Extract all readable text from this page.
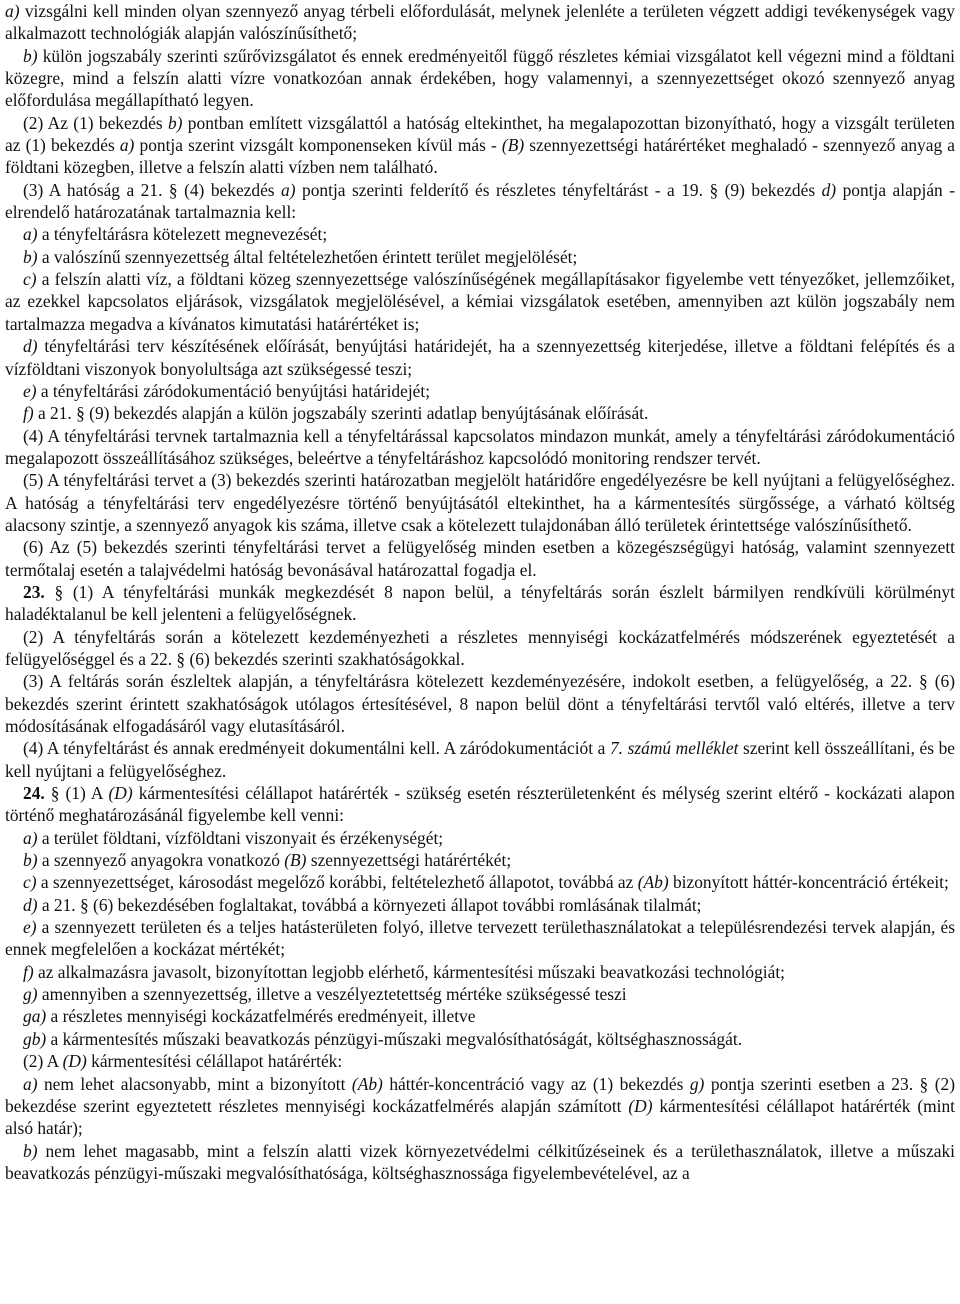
a) vizsgálni kell minden olyan szennyező anyag térbeli előfordulását, melynek jelenléte a területen végzett addigi tevékenységek vagy alkalmazott technológiák alapján valószínűsíthető;

b) külön jogszabály szerinti szűrővizsgálatot és ennek eredményeitől függő részletes kémiai vizsgálatot kell végezni mind a földtani közegre, mind a felszín alatti vízre vonatkozóan annak érdekében, hogy valamennyi, a szennyezettséget okozó szennyező anyag előfordulása megállapítható legyen.

(2) Az (1) bekezdés b) pontban említett vizsgálattól a hatóság eltekinthet, ha megalapozottan bizonyítható, hogy a vizsgált területen az (1) bekezdés a) pontja szerint vizsgált komponenseken kívül más - (B) szennyezettségi határértéket meghaladó - szennyező anyag a földtani közegben, illetve a felszín alatti vízben nem található.

(3) A hatóság a 21. § (4) bekezdés a) pontja szerinti felderítő és részletes tényfeltárást - a 19. § (9) bekezdés d) pontja alapján - elrendelő határozatának tartalmaznia kell:

a) a tényfeltárásra kötelezett megnevezését;

b) a valószínű szennyezettség által feltételezhetően érintett terület megjelölését;

c) a felszín alatti víz, a földtani közeg szennyezettsége valószínűségének megállapításakor figyelembe vett tényezőket, jellemzőiket, az ezekkel kapcsolatos eljárások, vizsgálatok megjelölésével, a kémiai vizsgálatok esetében, amennyiben azt külön jogszabály nem tartalmazza megadva a kívánatos kimutatási határértéket is;

d) tényfeltárási terv készítésének előírását, benyújtási határidejét, ha a szennyezettség kiterjedése, illetve a földtani felépítés és a vízföldtani viszonyok bonyolultsága azt szükségessé teszi;

e) a tényfeltárási záródokumentáció benyújtási határidejét;

f) a 21. § (9) bekezdés alapján a külön jogszabály szerinti adatlap benyújtásának előírását.

(4) A tényfeltárási tervnek tartalmaznia kell a tényfeltárással kapcsolatos mindazon munkát, amely a tényfeltárási záródokumentáció megalapozott összeállításához szükséges, beleértve a tényfeltáráshoz kapcsolódó monitoring rendszer tervét.

(5) A tényfeltárási tervet a (3) bekezdés szerinti határozatban megjelölt határidőre engedélyezésre be kell nyújtani a felügyelőséghez. A hatóság a tényfeltárási terv engedélyezésre történő benyújtásától eltekinthet, ha a kármentesítés sürgőssége, a várható költség alacsony szintje, a szennyező anyagok kis száma, illetve csak a kötelezett tulajdonában álló területek érintettsége valószínűsíthető.

(6) Az (5) bekezdés szerinti tényfeltárási tervet a felügyelőség minden esetben a közegészségügyi hatóság, valamint szennyezett termőtalaj esetén a talajvédelmi hatóság bevonásával határozattal fogadja el.

23. § (1) A tényfeltárási munkák megkezdését 8 napon belül, a tényfeltárás során észlelt bármilyen rendkívüli körülményt haladéktalanul be kell jelenteni a felügyelőségnek.

(2) A tényfeltárás során a kötelezett kezdeményezheti a részletes mennyiségi kockázatfelmérés módszerének egyeztetését a felügyelőséggel és a 22. § (6) bekezdés szerinti szakhatóságokkal.

(3) A feltárás során észleltek alapján, a tényfeltárásra kötelezett kezdeményezésére, indokolt esetben, a felügyelőség, a 22. § (6) bekezdés szerint érintett szakhatóságok utólagos értesítésével, 8 napon belül dönt a tényfeltárási tervtől való eltérés, illetve a terv módosításának elfogadásáról vagy elutasításáról.

(4) A tényfeltárást és annak eredményeit dokumentálni kell. A záródokumentációt a 7. számú melléklet szerint kell összeállítani, és be kell nyújtani a felügyelőséghez.

24. § (1) A (D) kármentesítési célállapot határérték - szükség esetén részterületenként és mélység szerint eltérő - kockázati alapon történő meghatározásánál figyelembe kell venni:

a) a terület földtani, vízföldtani viszonyait és érzékenységét;

b) a szennyező anyagokra vonatkozó (B) szennyezettségi határértékét;

c) a szennyezettséget, károsodást megelőző korábbi, feltételezhető állapotot, továbbá az (Ab) bizonyított háttér-koncentráció értékeit;

d) a 21. § (6) bekezdésében foglaltakat, továbbá a környezeti állapot további romlásának tilalmát;

e) a szennyezett területen és a teljes hatásterületen folyó, illetve tervezett területhasználatokat a településrendezési tervek alapján, és ennek megfelelően a kockázat mértékét;

f) az alkalmazásra javasolt, bizonyítottan legjobb elérhető, kármentesítési műszaki beavatkozási technológiát;

g) amennyiben a szennyezettség, illetve a veszélyeztetettség mértéke szükségessé teszi

ga) a részletes mennyiségi kockázatfelmérés eredményeit, illetve

gb) a kármentesítés műszaki beavatkozás pénzügyi-műszaki megvalósíthatóságát, költséghasznosságát.

(2) A (D) kármentesítési célállapot határérték:

a) nem lehet alacsonyabb, mint a bizonyított (Ab) háttér-koncentráció vagy az (1) bekezdés g) pontja szerinti esetben a 23. § (2) bekezdése szerint egyeztetett részletes mennyiségi kockázatfelmérés alapján számított (D) kármentesítési célállapot határérték (mint alsó határ);

b) nem lehet magasabb, mint a felszín alatti vizek környezetvédelmi célkitűzéseinek és a területhasználatok, illetve a műszaki beavatkozás pénzügyi-műszaki megvalósíthatósága, költséghasznossága figyelembevételével, az a
